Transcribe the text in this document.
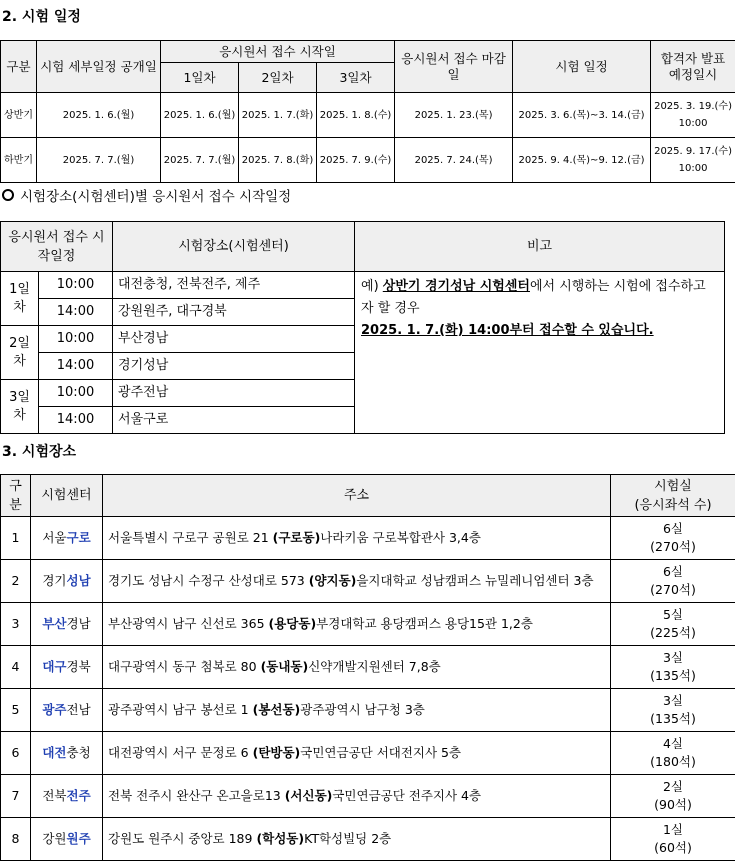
2. 시험 일정
구분	시험 세부일정 공개일	응시원서 접수 시작일			응시원서 접수 마감일	시험 일정	합격자 발표 예정일시
		1일차	2일차	3일차			
상반기	2025. 1. 6.(월)	2025. 1. 6.(월)	2025. 1. 7.(화)	2025. 1. 8.(수)	2025. 1. 23.(목)	2025. 3. 6.(목)~3. 14.(금)	2025. 3. 19.(수) 10:00
하반기	2025. 7. 7.(월)	2025. 7. 7.(월)	2025. 7. 8.(화)	2025. 7. 9.(수)	2025. 7. 24.(목)	2025. 9. 4.(목)~9. 12.(금)	2025. 9. 17.(수) 10:00
시험장소(시험센터)별 응시원서 접수 시작일정
응시원서 접수 시작일정		시험장소(시험센터)	비고
1일차	10:00	대전충청, 전북전주, 제주	예) 상반기 경기성남 시험센터에서 시행하는 시험에 접수하고자 할 경우
2025. 1. 7.(화) 14:00부터 접수할 수 있습니다.
	14:00	강원원주, 대구경북	
2일차	10:00	부산경남	
	14:00	경기성남	
3일차	10:00	광주전남	
	14:00	서울구로	
3. 시험장소
구분	시험센터	주소	시험실
(응시좌석 수)
1	서울구로	서울특별시 구로구 공원로 21 (구로동)나라키움 구로복합관사 3,4층	6실
(270석)
2	경기성남	경기도 성남시 수정구 산성대로 573 (양지동)을지대학교 성남캠퍼스 뉴밀레니엄센터 3층	6실
(270석)
3	부산경남	부산광역시 남구 신선로 365 (용당동)부경대학교 용당캠퍼스 용당15관 1,2층	5실
(225석)
4	대구경북	대구광역시 동구 첨복로 80 (동내동)신약개발지원센터 7,8층	3실
(135석)
5	광주전남	광주광역시 남구 봉선로 1 (봉선동)광주광역시 남구청 3층	3실
(135석)
6	대전충청	대전광역시 서구 문정로 6 (탄방동)국민연금공단 서대전지사 5층	4실
(180석)
7	전북전주	전북 전주시 완산구 온고을로13 (서신동)국민연금공단 전주지사 4층	2실
(90석)
8	강원원주	강원도 원주시 중앙로 189 (학성동)KT학성빌딩 2층	1실
(60석)
